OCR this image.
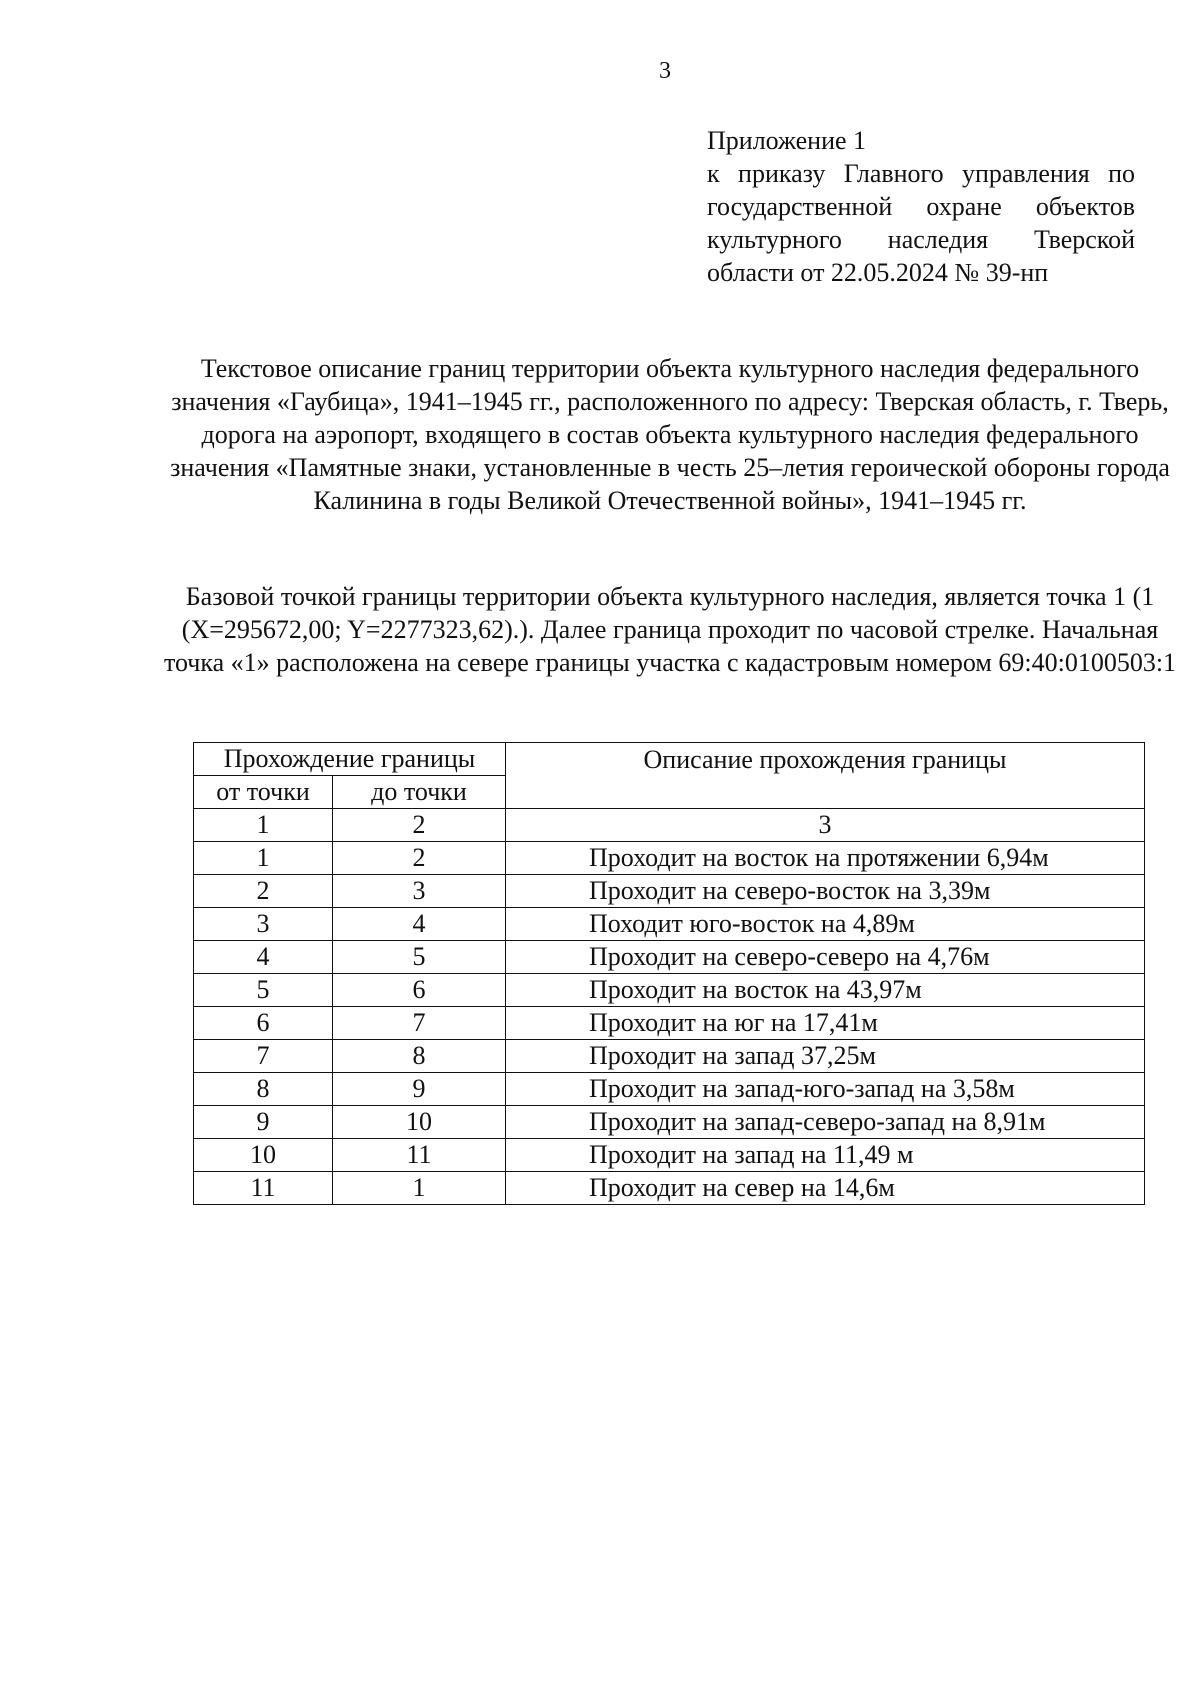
3
Приложение 1
к приказу Главного управления по государственной охране объектов культурного наследия Тверской области от 22.05.2024 № 39-нп
Текстовое описание границ территории объекта культурного наследия федерального значения «Гаубица», 1941–1945 гг., расположенного по адресу: Тверская область, г. Тверь, дорога на аэропорт, входящего в состав объекта культурного наследия федерального значения «Памятные знаки, установленные в честь 25–летия героической обороны города Калинина в годы Великой Отечественной войны», 1941–1945 гг.
Базовой точкой границы территории объекта культурного наследия, является точка 1 (1 (X=295672,00; Y=2277323,62).). Далее граница проходит по часовой стрелке. Начальная точка «1» расположена на севере границы участка с кадастровым номером 69:40:0100503:1
Прохождение границы		Описание прохождения границы
от точки	до точки	
1	2	3
1	2	Проходит на восток на протяжении 6,94м
2	3	Проходит на северо-восток на 3,39м
3	4	Походит юго-восток на 4,89м
4	5	Проходит на северо-северо на 4,76м
5	6	Проходит на восток на 43,97м
6	7	Проходит на юг на 17,41м
7	8	Проходит на запад 37,25м
8	9	Проходит на запад-юго-запад на 3,58м
9	10	Проходит на запад-северо-запад на 8,91м
10	11	Проходит на запад на 11,49 м
11	1	Проходит на север на 14,6м
